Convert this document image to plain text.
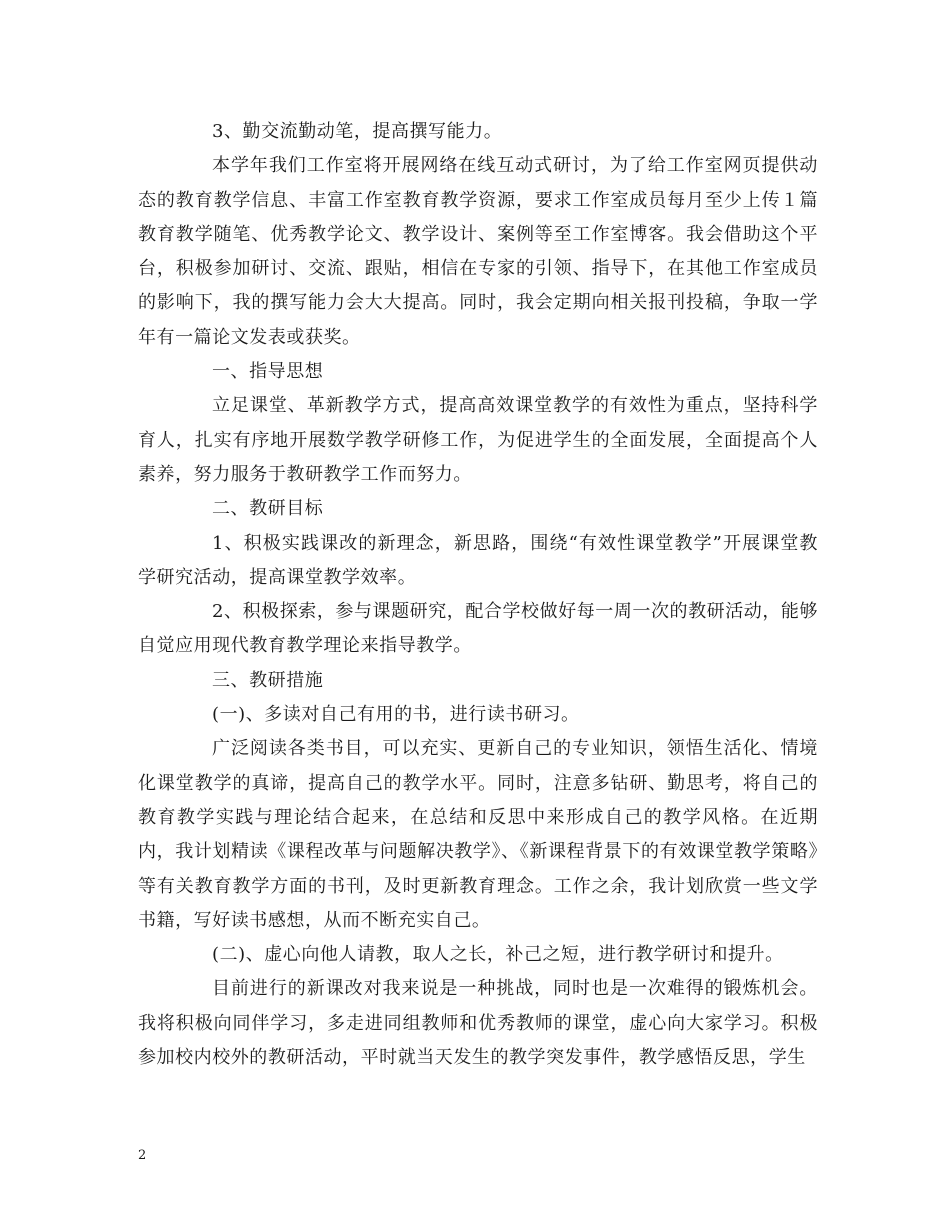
3、勤交流勤动笔，提高撰写能力。

本学年我们工作室将开展网络在线互动式研讨，为了给工作室网页提供动态的教育教学信息、丰富工作室教育教学资源，要求工作室成员每月至少上传１篇教育教学随笔、优秀教学论文、教学设计、案例等至工作室博客。我会借助这个平台，积极参加研讨、交流、跟贴，相信在专家的引领、指导下，在其他工作室成员的影响下，我的撰写能力会大大提高。同时，我会定期向相关报刊投稿，争取一学年有一篇论文发表或获奖。

一、指导思想

立足课堂、革新教学方式，提高高效课堂教学的有效性为重点，坚持科学育人，扎实有序地开展数学教学研修工作，为促进学生的全面发展，全面提高个人素养，努力服务于教研教学工作而努力。

二、教研目标

1、积极实践课改的新理念，新思路，围绕“有效性课堂教学”开展课堂教学研究活动，提高课堂教学效率。

2、积极探索，参与课题研究，配合学校做好每一周一次的教研活动，能够自觉应用现代教育教学理论来指导教学。

三、教研措施

(一)、多读对自己有用的书，进行读书研习。

广泛阅读各类书目，可以充实、更新自己的专业知识，领悟生活化、情境化课堂教学的真谛，提高自己的教学水平。同时，注意多钻研、勤思考，将自己的教育教学实践与理论结合起来，在总结和反思中来形成自己的教学风格。在近期内，我计划精读《课程改革与问题解决教学》、《新课程背景下的有效课堂教学策略》等有关教育教学方面的书刊，及时更新教育理念。工作之余，我计划欣赏一些文学书籍，写好读书感想，从而不断充实自己。

(二)、虚心向他人请教，取人之长，补己之短，进行教学研讨和提升。

目前进行的新课改对我来说是一种挑战，同时也是一次难得的锻炼机会。我将积极向同伴学习，多走进同组教师和优秀教师的课堂，虚心向大家学习。积极参加校内校外的教研活动，平时就当天发生的教学突发事件，教学感悟反思，学生

2
